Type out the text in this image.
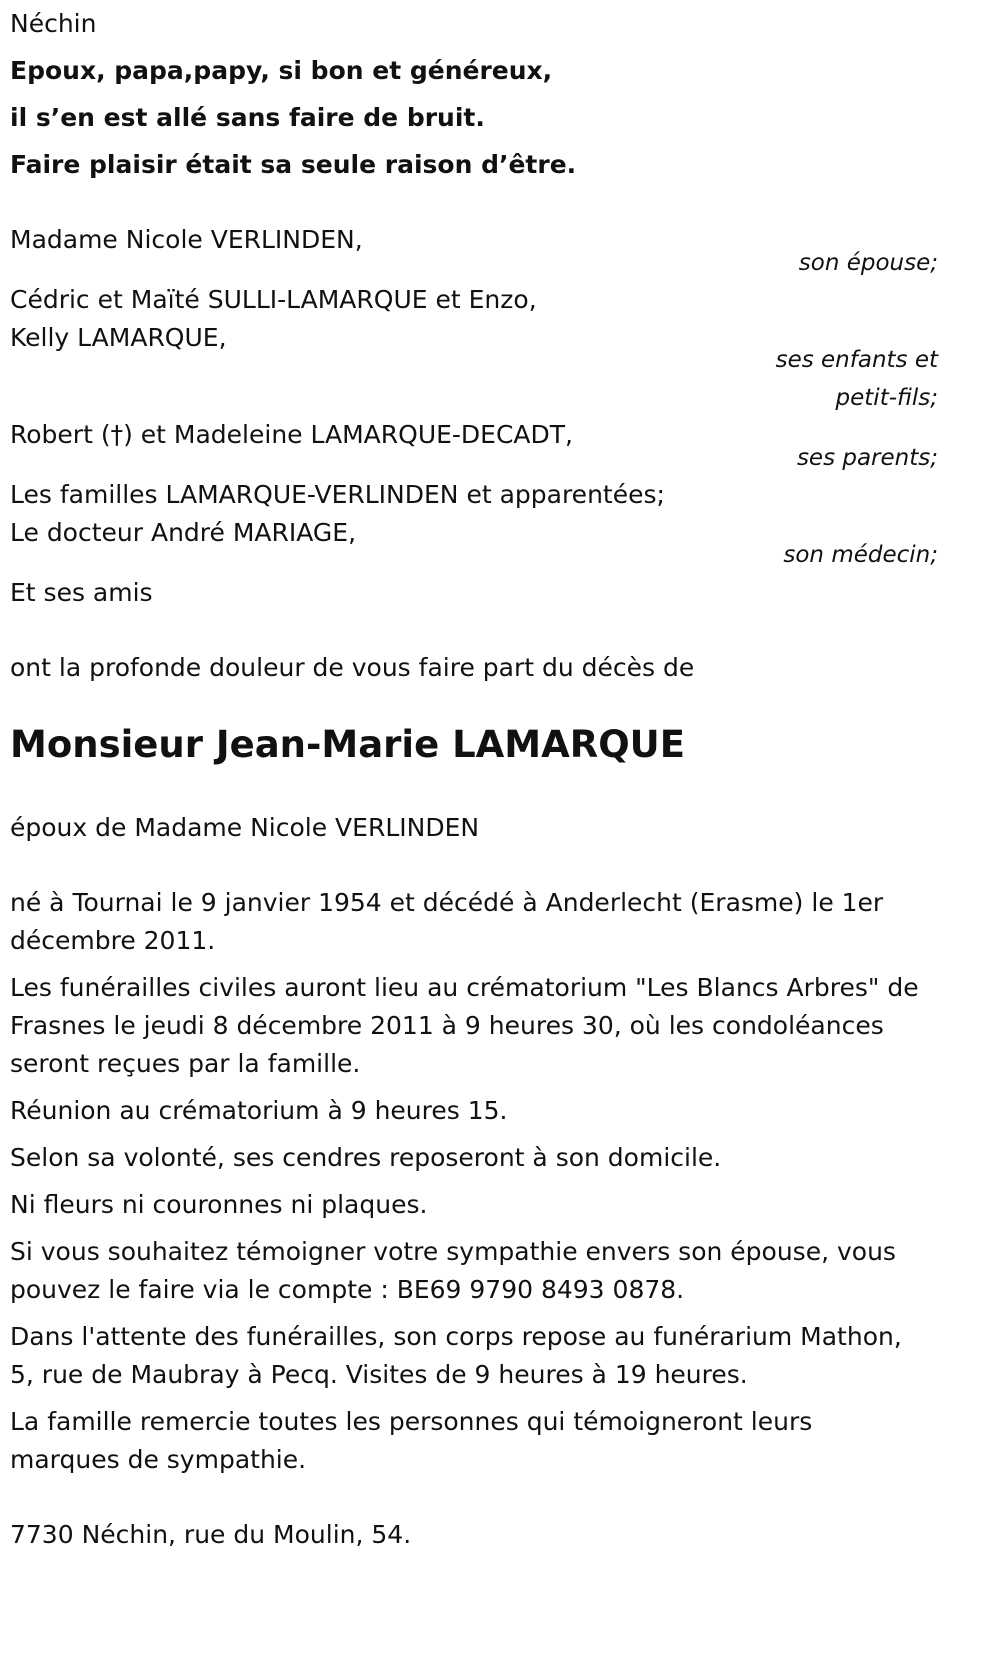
Néchin

Epoux, papa,papy, si bon et généreux,

il s’en est allé sans faire de bruit.

Faire plaisir était sa seule raison d’être.

Madame Nicole VERLINDEN,

son épouse;

Cédric et Maïté SULLI-LAMARQUE et Enzo,

Kelly LAMARQUE,

ses enfants et

petit-fils;

Robert (†) et Madeleine LAMARQUE-DECADT,

ses parents;

Les familles LAMARQUE-VERLINDEN et apparentées;

Le docteur André MARIAGE,

son médecin;

Et ses amis

ont la profonde douleur de vous faire part du décès de

Monsieur Jean-Marie LAMARQUE

époux de Madame Nicole VERLINDEN

né à Tournai le 9 janvier 1954 et décédé à Anderlecht (Erasme) le 1er

décembre 2011.

Les funérailles civiles auront lieu au crématorium "Les Blancs Arbres" de

Frasnes le jeudi 8 décembre 2011 à 9 heures 30, où les condoléances

seront reçues par la famille.

Réunion au crématorium à 9 heures 15.

Selon sa volonté, ses cendres reposeront à son domicile.

Ni fleurs ni couronnes ni plaques.

Si vous souhaitez témoigner votre sympathie envers son épouse, vous

pouvez le faire via le compte : BE69 9790 8493 0878.

Dans l'attente des funérailles, son corps repose au funérarium Mathon,

5, rue de Maubray à Pecq. Visites de 9 heures à 19 heures.

La famille remercie toutes les personnes qui témoigneront leurs

marques de sympathie.

7730 Néchin, rue du Moulin, 54.
